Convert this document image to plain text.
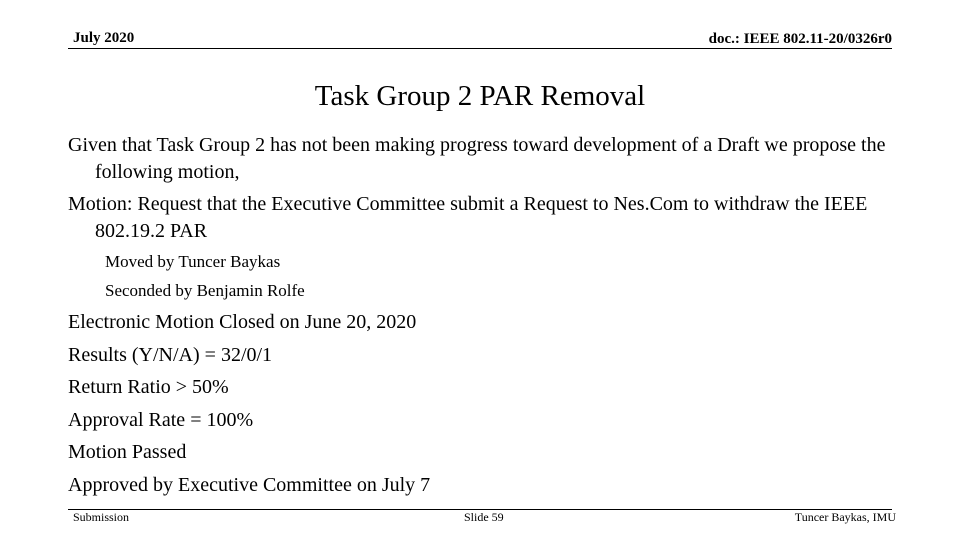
July 2020	doc.: IEEE 802.11-20/0326r0
Task Group 2 PAR Removal

Given that Task Group 2 has not been making progress toward development of a Draft we propose the following motion,

Motion: Request that the Executive Committee submit a Request to Nes.Com to withdraw the IEEE 802.19.2 PAR

Moved by Tuncer Baykas
Seconded by Benjamin Rolfe
Electronic Motion Closed on June 20, 2020
Results (Y/N/A) = 32/0/1
Return Ratio > 50%
Approval Rate = 100%
Motion Passed
Approved by Executive Committee on July 7
Submission	Slide 59	Tuncer Baykas, IMU
